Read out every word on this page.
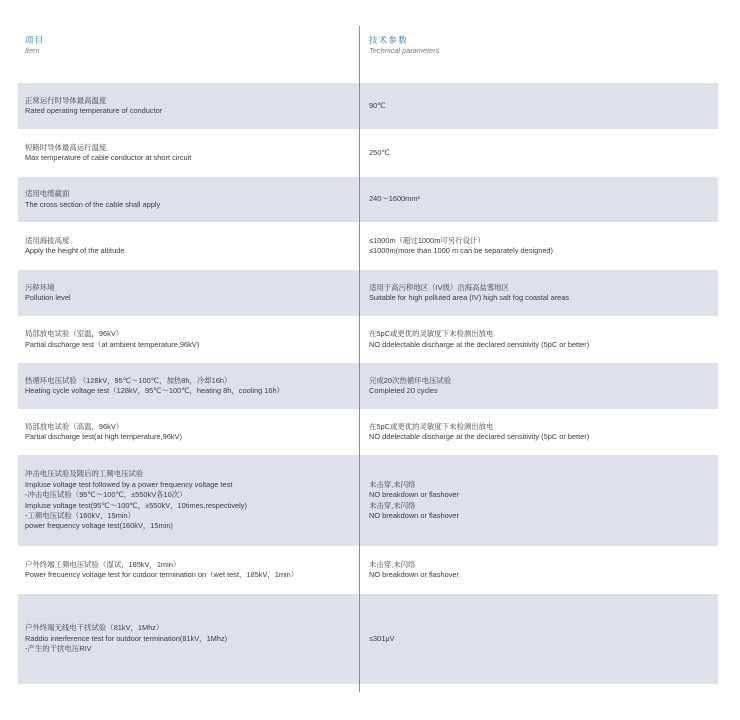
项目
Item
技术参数
Technical parameters
正常运行时导体最高温度
Rated operating temperature of conductor
90℃
短路时导体最高运行温度
Max temperature of cable conductor at short circuit
250℃
适用电缆截面
The cross section of the cable shall apply
240～1600mm²
适用海拔高度
Apply the height of the altitude
≤1000m（超过1000m可另行设计）
≤1000m(more than 1000 m can be separately designed)
污秽环境
Pollution level
适用于高污秽地区（IV级）沿海高盐雾地区
Suitable for high polluted area (IV) high salt fog coastal areas
局部放电试验（室温，96kV）
Partial discharge test（at ambient temperature,96kV)
在5pC或更优的灵敏度下未检测出放电
NO ddelectable discharge at the declared sensitivity (5pC or better)
热循环电压试验 （128kV，95℃～100℃，加热8h，冷却16h）
Heating cycle voltage test（128kV，95℃～100℃，heating 8h，cooling 16h）
完成20次热循环电压试验
Completed 20 cycles
局部放电试验（高温，96kV）
Partial discharge test(at high temperature,96kV)
在5pC或更优的灵敏度下未检测出放电
NO ddelectable discharge at the declared sensitivity (5pC or better)
冲击电压试验及随后的工频电压试验
Impluse voltage test followed by a power frequency voltage test
-冲击电压试验（95℃～100℃，±550kV各10次）
Impluse voltage test(95℃～100℃，±550kV，10times,respectively)
-工频电压试验（160kV，15min）
power frequency voltage test(160kV，15min)
未击穿,未闪络
NO breakdown or flashover
未击穿,未闪络
NO breakdown or flashover
户外终端工频电压试验（湿试，185kV，1min）
Power frecuency voltage test for cutdoor termination on（wet test，185kV，1min）
未击穿,未闪络
NO breakdown or flashover
户外终端无线电干扰试验（81kV，1Mhz）
Raddio interference test for outdoor termination(81kV，1Mhz)
-产生的干扰电压RIV
≤301μV
